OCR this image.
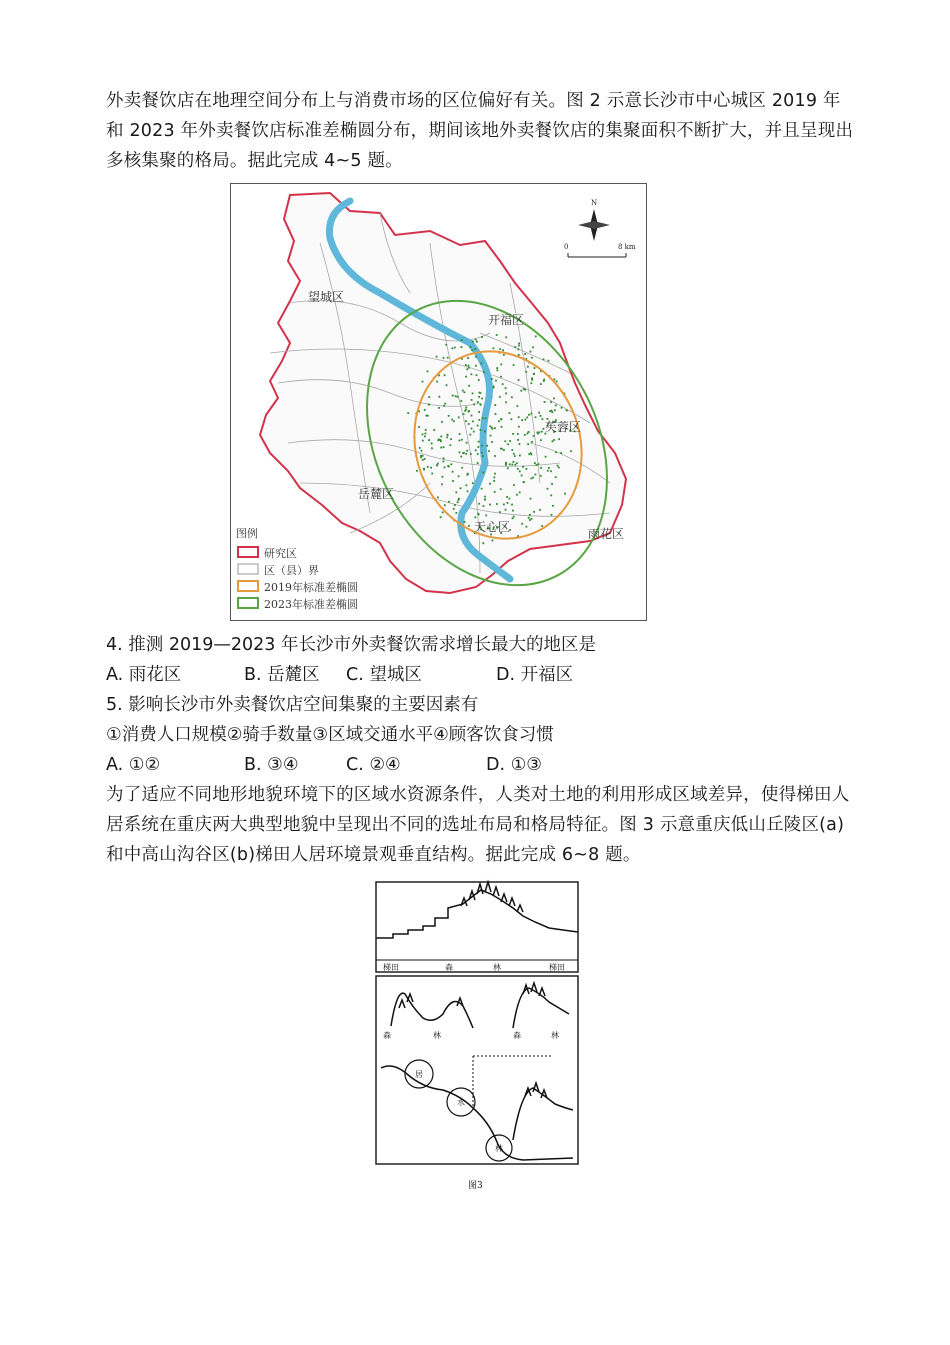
外卖餐饮店在地理空间分布上与消费市场的区位偏好有关。图 2 示意长沙市中心城区 2019 年和 2023 年外卖餐饮店标准差椭圆分布，期间该地外卖餐饮店的集聚面积不断扩大，并且呈现出多核集聚的格局。据此完成 4~5 题。

望城区
开福区
芙蓉区
岳麓区
天心区	雨花区
N
0	8 km
图例
研究区
区（县）界
2019年标准差椭圆
2023年标准差椭圆
4. 推测 2019—2023 年长沙市外卖餐饮需求增长最大的地区是
A. 雨花区	B. 岳麓区 C. 望城区	D. 开福区
5. 影响长沙市外卖餐饮店空间集聚的主要因素有
①消费人口规模②骑手数量③区域交通水平④顾客饮食习惯
A. ①②	B. ③④	C. ②④	D. ①③

为了适应不同地形地貌环境下的区域水资源条件，人类对土地的利用形成区域差异，使得梯田人居系统在重庆两大典型地貌中呈现出不同的选址布局和格局特征。图 3 示意重庆低山丘陵区(a)和中高山沟谷区(b)梯田人居环境景观垂直结构。据此完成 6~8 题。

梯田	森	林	梯田
森	林	森	林
居
水
林
图3
